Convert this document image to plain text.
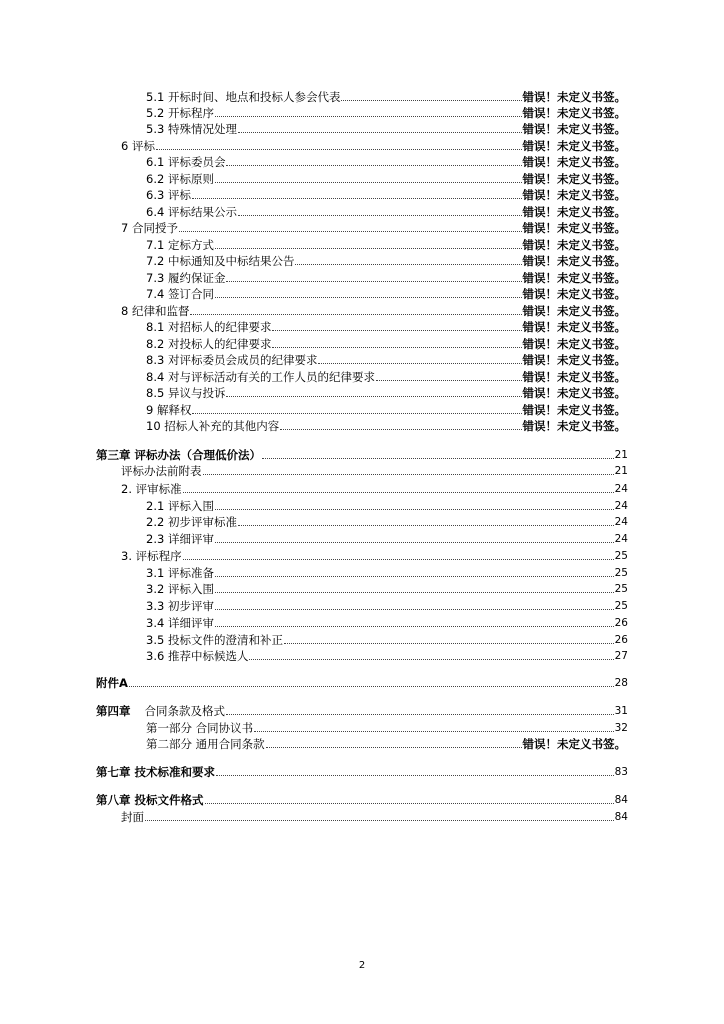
5.1 开标时间、地点和投标人参会代表	错误！未定义书签。
5.2 开标程序	错误！未定义书签。
5.3 特殊情况处理	错误！未定义书签。
6 评标	错误！未定义书签。
6.1 评标委员会	错误！未定义书签。
6.2 评标原则	错误！未定义书签。
6.3 评标	错误！未定义书签。
6.4 评标结果公示	错误！未定义书签。
7 合同授予	错误！未定义书签。
7.1 定标方式	错误！未定义书签。
7.2 中标通知及中标结果公告	错误！未定义书签。
7.3 履约保证金	错误！未定义书签。
7.4 签订合同	错误！未定义书签。
8 纪律和监督	错误！未定义书签。
8.1 对招标人的纪律要求	错误！未定义书签。
8.2 对投标人的纪律要求	错误！未定义书签。
8.3 对评标委员会成员的纪律要求	错误！未定义书签。
8.4 对与评标活动有关的工作人员的纪律要求	错误！未定义书签。
8.5 异议与投诉	错误！未定义书签。
9 解释权	错误！未定义书签。
10 招标人补充的其他内容	错误！未定义书签。
第三章 评标办法（合理低价法）	21
评标办法前附表	21
2. 评审标准	24
2.1 评标入围	24
2.2 初步评审标准	24
2.3 详细评审	24
3. 评标程序	25
3.1 评标准备	25
3.2 评标入围	25
3.3 初步评审	25
3.4 详细评审	26
3.5 投标文件的澄清和补正	26
3.6 推荐中标候选人	27
附件A	28
第四章 合同条款及格式	31
第一部分 合同协议书	32
第二部分 通用合同条款	错误！未定义书签。
第七章 技术标准和要求	83
第八章 投标文件格式	84
封面	84
2
